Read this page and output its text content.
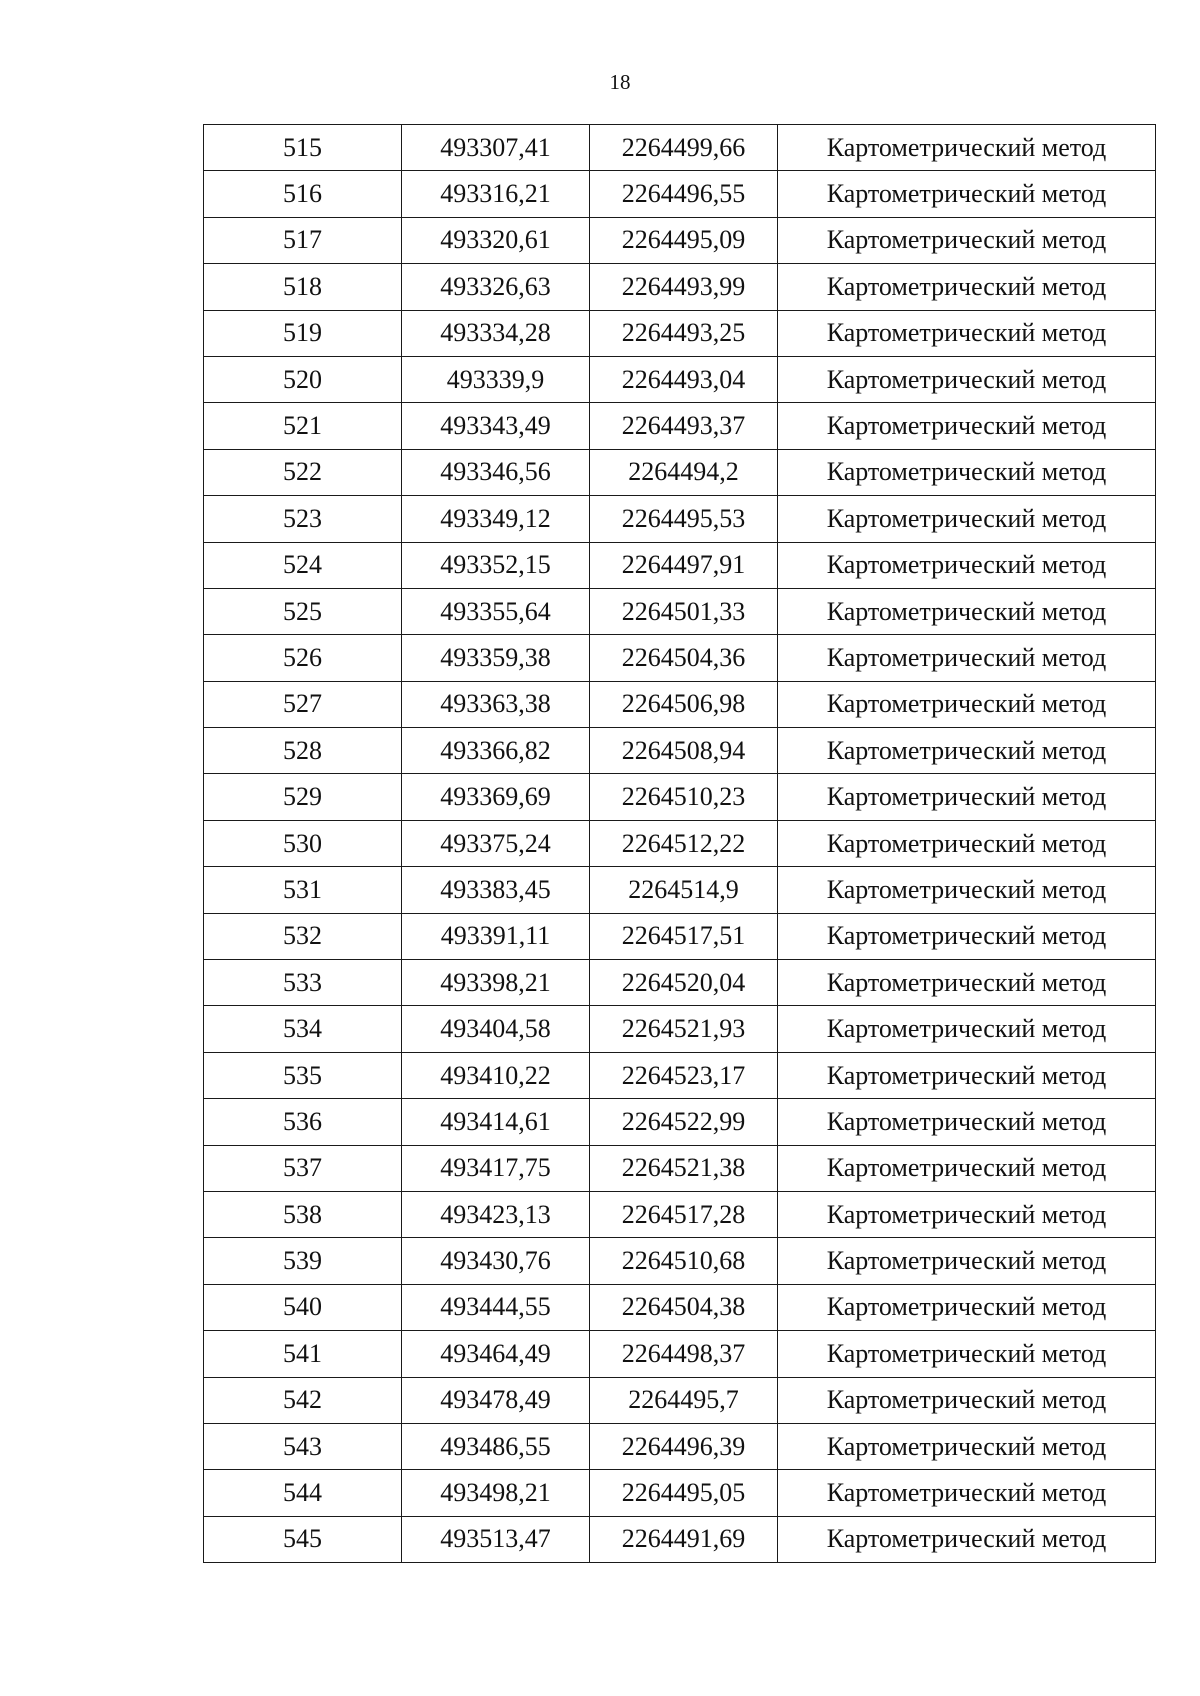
18
515	493307,41	2264499,66	Картометрический метод
516	493316,21	2264496,55	Картометрический метод
517	493320,61	2264495,09	Картометрический метод
518	493326,63	2264493,99	Картометрический метод
519	493334,28	2264493,25	Картометрический метод
520	493339,9	2264493,04	Картометрический метод
521	493343,49	2264493,37	Картометрический метод
522	493346,56	2264494,2	Картометрический метод
523	493349,12	2264495,53	Картометрический метод
524	493352,15	2264497,91	Картометрический метод
525	493355,64	2264501,33	Картометрический метод
526	493359,38	2264504,36	Картометрический метод
527	493363,38	2264506,98	Картометрический метод
528	493366,82	2264508,94	Картометрический метод
529	493369,69	2264510,23	Картометрический метод
530	493375,24	2264512,22	Картометрический метод
531	493383,45	2264514,9	Картометрический метод
532	493391,11	2264517,51	Картометрический метод
533	493398,21	2264520,04	Картометрический метод
534	493404,58	2264521,93	Картометрический метод
535	493410,22	2264523,17	Картометрический метод
536	493414,61	2264522,99	Картометрический метод
537	493417,75	2264521,38	Картометрический метод
538	493423,13	2264517,28	Картометрический метод
539	493430,76	2264510,68	Картометрический метод
540	493444,55	2264504,38	Картометрический метод
541	493464,49	2264498,37	Картометрический метод
542	493478,49	2264495,7	Картометрический метод
543	493486,55	2264496,39	Картометрический метод
544	493498,21	2264495,05	Картометрический метод
545	493513,47	2264491,69	Картометрический метод
